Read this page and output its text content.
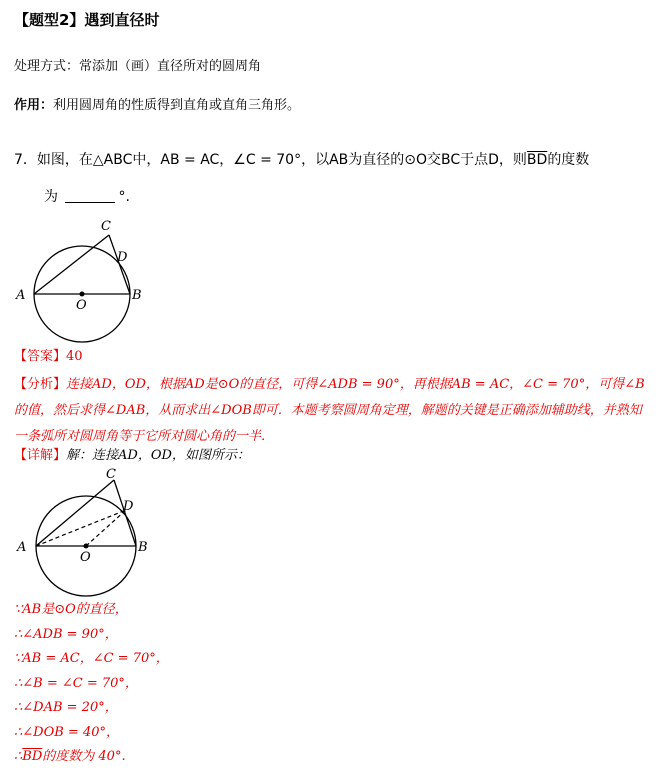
【题型2】遇到直径时
处理方式：常添加（画）直径所对的圆周角
作用：利用圆周角的性质得到直角或直角三角形。
7．如图，在△ABC中，AB = AC，∠C = 70°，以AB为直径的⊙O交BC于点D，则$\overline{BD}$的度数
为	°.
A	B
C
D
O
【答案】40
【分析】连接AD，OD，根据AD是⊙O的直径，可得∠ADB = 90°，再根据AB = AC，∠C = 70°，可得∠B的值，然后求得∠DAB，从而求出∠DOB即可．本题考察圆周角定理，解题的关键是正确添加辅助线，并熟知一条弧所对圆周角等于它所对圆心角的一半．
【详解】解：连接AD，OD，如图所示：
A	B
C
D
O
∵AB是⊙O的直径，
∴∠ADB = 90°，
∵AB = AC，∠C = 70°，
∴∠B = ∠C = 70°，
∴∠DAB = 20°，
∴∠DOB = 40°，
$\therefore\overline{BD}$的度数为 40°.
